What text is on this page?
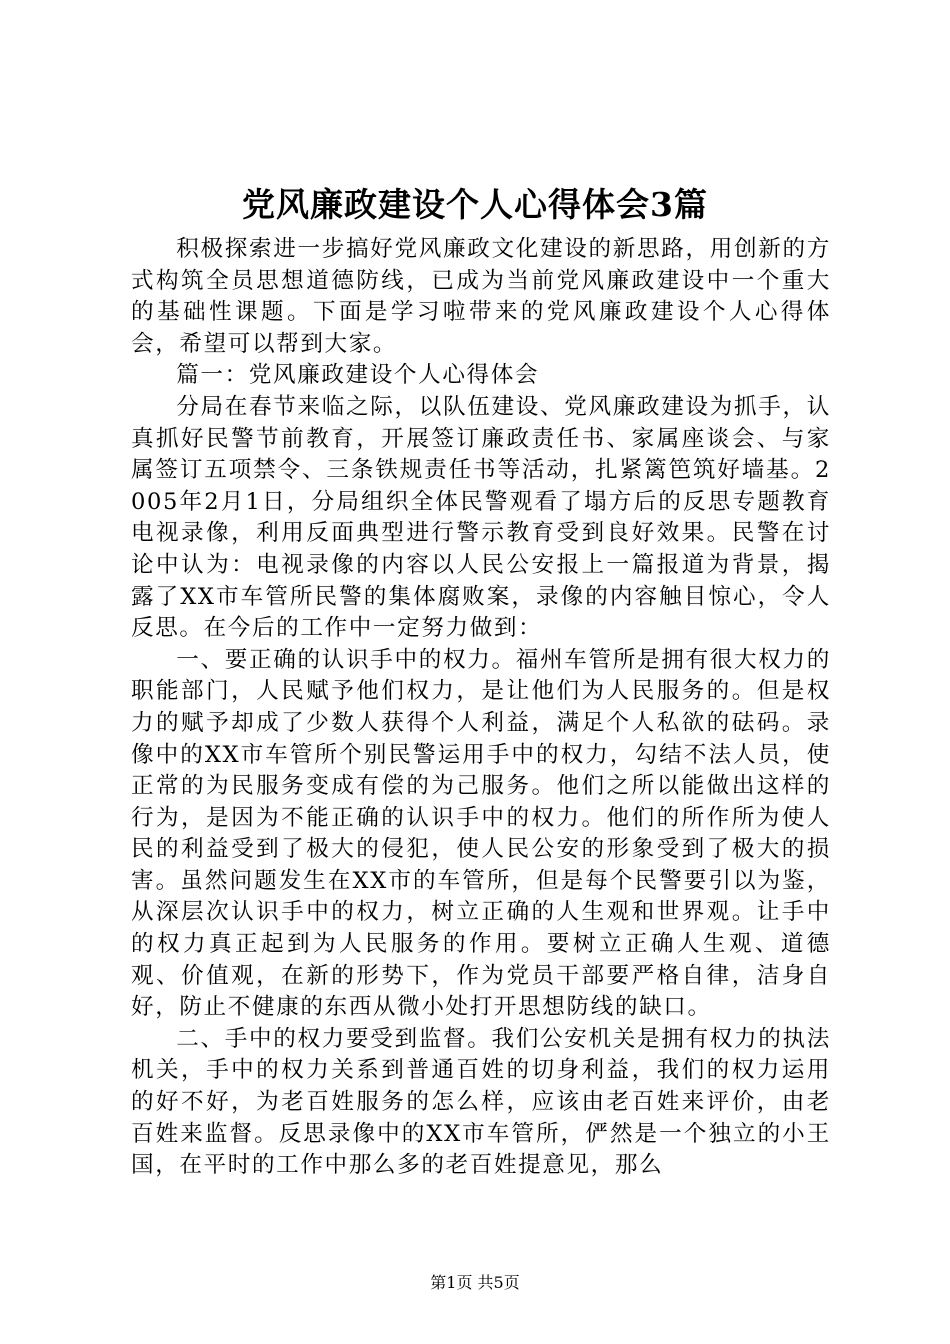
党风廉政建设个人心得体会3篇

积极探索进一步搞好党风廉政文化建设的新思路，用创新的方式构筑全员思想道德防线，已成为当前党风廉政建设中一个重大的基础性课题。下面是学习啦带来的党风廉政建设个人心得体会，希望可以帮到大家。

篇一：党风廉政建设个人心得体会

分局在春节来临之际，以队伍建设、党风廉政建设为抓手，认真抓好民警节前教育，开展签订廉政责任书、家属座谈会、与家属签订五项禁令、三条铁规责任书等活动，扎紧篱笆筑好墙基。2005年2月1日，分局组织全体民警观看了塌方后的反思专题教育电视录像，利用反面典型进行警示教育受到良好效果。民警在讨论中认为：电视录像的内容以人民公安报上一篇报道为背景，揭露了XX市车管所民警的集体腐败案，录像的内容触目惊心，令人反思。在今后的工作中一定努力做到：

一、要正确的认识手中的权力。福州车管所是拥有很大权力的职能部门，人民赋予他们权力，是让他们为人民服务的。但是权力的赋予却成了少数人获得个人利益，满足个人私欲的砝码。录像中的XX市车管所个别民警运用手中的权力，勾结不法人员，使正常的为民服务变成有偿的为己服务。他们之所以能做出这样的行为，是因为不能正确的认识手中的权力。他们的所作所为使人民的利益受到了极大的侵犯，使人民公安的形象受到了极大的损害。虽然问题发生在XX市的车管所，但是每个民警要引以为鉴，从深层次认识手中的权力，树立正确的人生观和世界观。让手中的权力真正起到为人民服务的作用。要树立正确人生观、道德观、价值观，在新的形势下，作为党员干部要严格自律，洁身自好，防止不健康的东西从微小处打开思想防线的缺口。

二、手中的权力要受到监督。我们公安机关是拥有权力的执法机关，手中的权力关系到普通百姓的切身利益，我们的权力运用的好不好，为老百姓服务的怎么样，应该由老百姓来评价，由老百姓来监督。反思录像中的XX市车管所，俨然是一个独立的小王国，在平时的工作中那么多的老百姓提意见，那么

第1页 共5页
